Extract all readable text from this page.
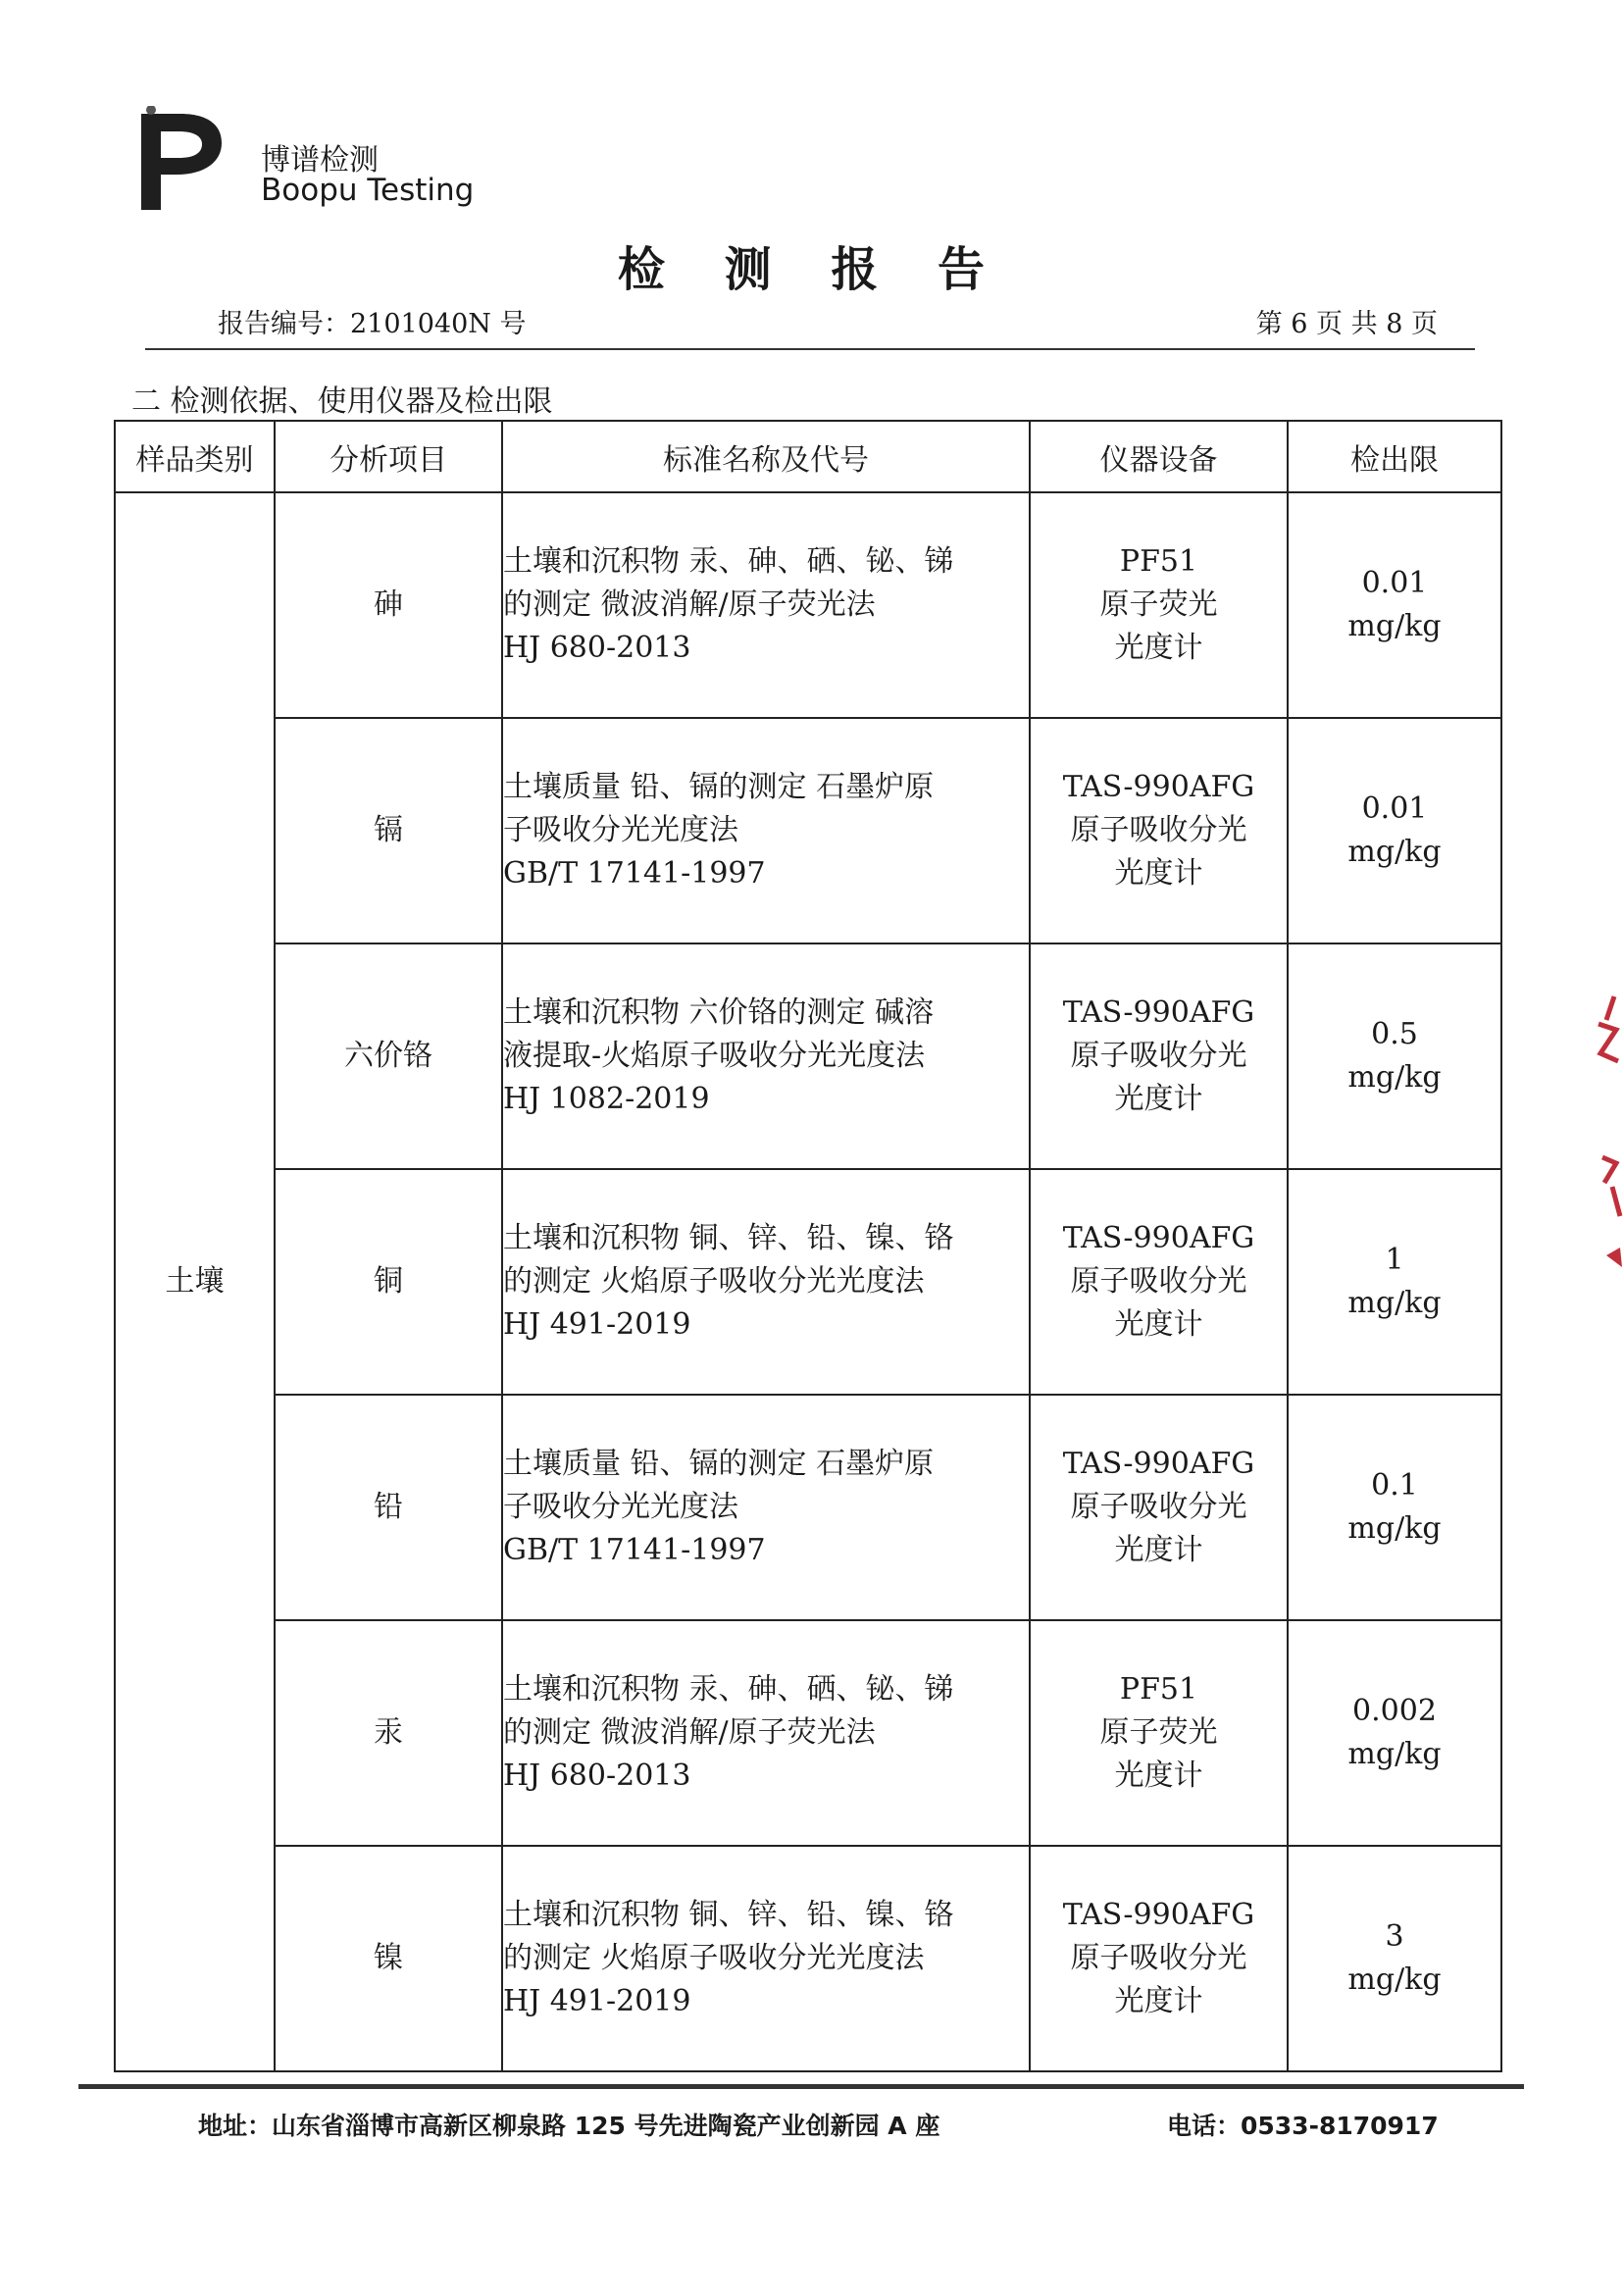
博谱检测
Boopu Testing
检 测 报 告
报告编号：2101040N 号	第 6 页 共 8 页
二 检测依据、使用仪器及检出限
样品类别	分析项目	标准名称及代号	仪器设备	检出限
土壤	砷	土壤和沉积物 汞、砷、硒、铋、锑
的测定 微波消解/原子荧光法
HJ 680-2013	PF51
原子荧光
光度计	0.01
mg/kg

	镉	土壤质量 铅、镉的测定 石墨炉原
子吸收分光光度法
GB/T 17141-1997	TAS-990AFG
原子吸收分光
光度计	0.01
mg/kg

	六价铬	土壤和沉积物 六价铬的测定 碱溶
液提取-火焰原子吸收分光光度法
HJ 1082-2019	TAS-990AFG
原子吸收分光
光度计	0.5
mg/kg

	铜	土壤和沉积物 铜、锌、铅、镍、铬
的测定 火焰原子吸收分光光度法
HJ 491-2019	TAS-990AFG
原子吸收分光
光度计	1
mg/kg

	铅	土壤质量 铅、镉的测定 石墨炉原
子吸收分光光度法
GB/T 17141-1997	TAS-990AFG
原子吸收分光
光度计	0.1
mg/kg

	汞	土壤和沉积物 汞、砷、硒、铋、锑
的测定 微波消解/原子荧光法
HJ 680-2013	PF51
原子荧光
光度计	0.002
mg/kg

	镍	土壤和沉积物 铜、锌、铅、镍、铬
的测定 火焰原子吸收分光光度法
HJ 491-2019	TAS-990AFG
原子吸收分光
光度计	3
mg/kg
地址：山东省淄博市高新区柳泉路 125 号先进陶瓷产业创新园 A 座	电话：0533-8170917
